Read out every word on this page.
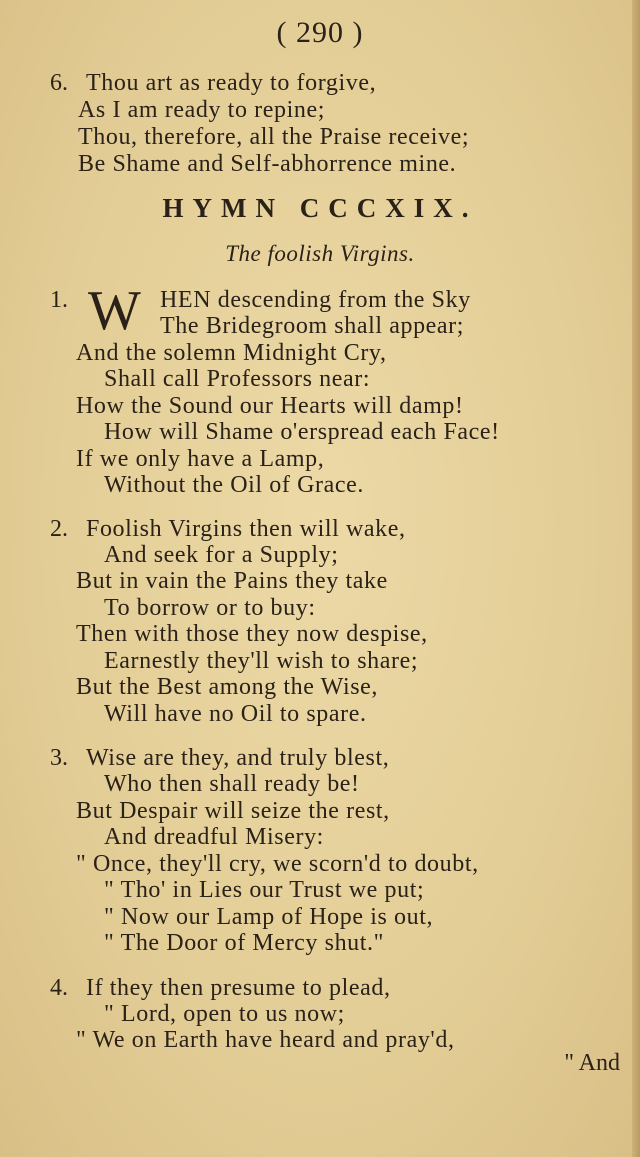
( 290 )
6. Thou art as ready to forgive,
As I am ready to repine;
Thou, therefore, all the Praise receive;
Be Shame and Self-abhorrence mine.
HYMN CCCXIX.
The foolish Virgins.
1. W HEN descending from the Sky
The Bridegroom shall appear;
And the solemn Midnight Cry,
Shall call Professors near:
How the Sound our Hearts will damp!
How will Shame o'erspread each Face!
If we only have a Lamp,
Without the Oil of Grace.
2. Foolish Virgins then will wake,
And seek for a Supply;
But in vain the Pains they take
To borrow or to buy:
Then with those they now despise,
Earnestly they'll wish to share;
But the Best among the Wise,
Will have no Oil to spare.
3. Wise are they, and truly blest,
Who then shall ready be!
But Despair will seize the rest,
And dreadful Misery:
" Once, they'll cry, we scorn'd to doubt,
" Tho' in Lies our Trust we put;
" Now our Lamp of Hope is out,
" The Door of Mercy shut."
4. If they then presume to plead,
" Lord, open to us now;
" We on Earth have heard and pray'd,
" And
